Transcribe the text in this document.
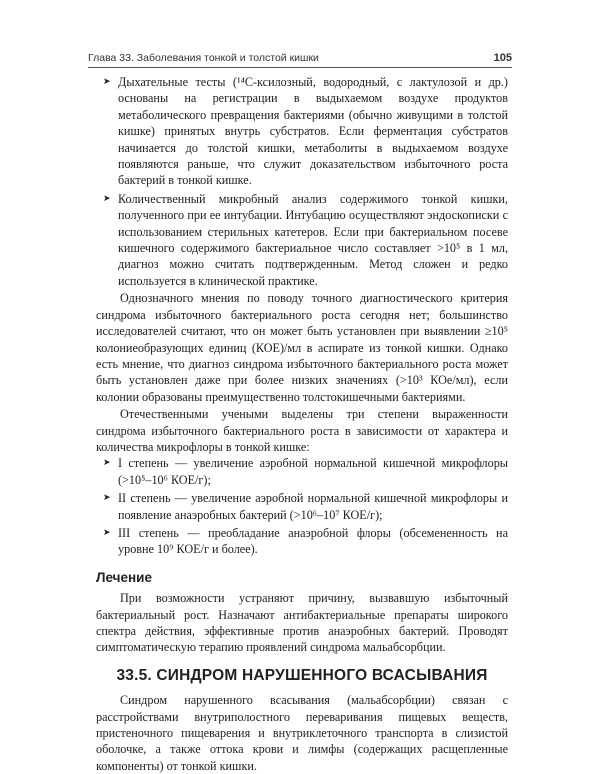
Глава 33. Заболевания тонкой и толстой кишки	105
➤ Дыхательные тесты (¹⁴С-ксилозный, водородный, с лактулозой и др.) основаны на регистрации в выдыхаемом воздухе продуктов метаболического превращения бактериями (обычно живущими в толстой кишке) принятых внутрь субстратов. Если ферментация субстратов начинается до толстой кишки, метаболиты в выдыхаемом воздухе появляются раньше, что служит доказательством избыточного роста бактерий в тонкой кишке.
➤ Количественный микробный анализ содержимого тонкой кишки, полученного при ее интубации. Интубацию осуществляют эндоскописки с использованием стерильных катетеров. Если при бактериальном посеве кишечного содержимого бактериальное число составляет >10⁵ в 1 мл, диагноз можно считать подтвержденным. Метод сложен и редко используется в клинической практике.

Однозначного мнения по поводу точного диагностического критерия синдрома избыточного бактериального роста сегодня нет; большинство исследователей считают, что он может быть установлен при выявлении ≥10⁵ колониеобразующих единиц (КОЕ)/мл в аспирате из тонкой кишки. Однако есть мнение, что диагноз синдрома избыточного бактериального роста может быть установлен даже при более низких значениях (>10³ КОе/мл), если колонии образованы преимущественно толстокишечными бактериями.

Отечественными учеными выделены три степени выраженности синдрома избыточного бактериального роста в зависимости от характера и количества микрофлоры в тонкой кишке:

➤ I степень — увеличение аэробной нормальной кишечной микрофлоры (>10⁵–10⁶ КОЕ/г);
➤ II степень — увеличение аэробной нормальной кишечной микрофлоры и появление анаэробных бактерий (>10⁶–10⁷ КОЕ/г);
➤ III степень — преобладание анаэробной флоры (обсемененность на уровне 10⁹ КОЕ/г и более).
Лечение

При возможности устраняют причину, вызвавшую избыточный бактериальный рост. Назначают антибактериальные препараты широкого спектра действия, эффективные против анаэробных бактерий. Проводят симптоматическую терапию проявлений синдрома мальабсорбции.

33.5. СИНДРОМ НАРУШЕННОГО ВСАСЫВАНИЯ

Синдром нарушенного всасывания (мальабсорбции) связан с расстройствами внутриполостного переваривания пищевых веществ, пристеночного пищеварения и внутриклеточного транспорта в слизистой оболочке, а также оттока крови и лимфы (содержащих расщепленные компоненты) от тонкой кишки.
